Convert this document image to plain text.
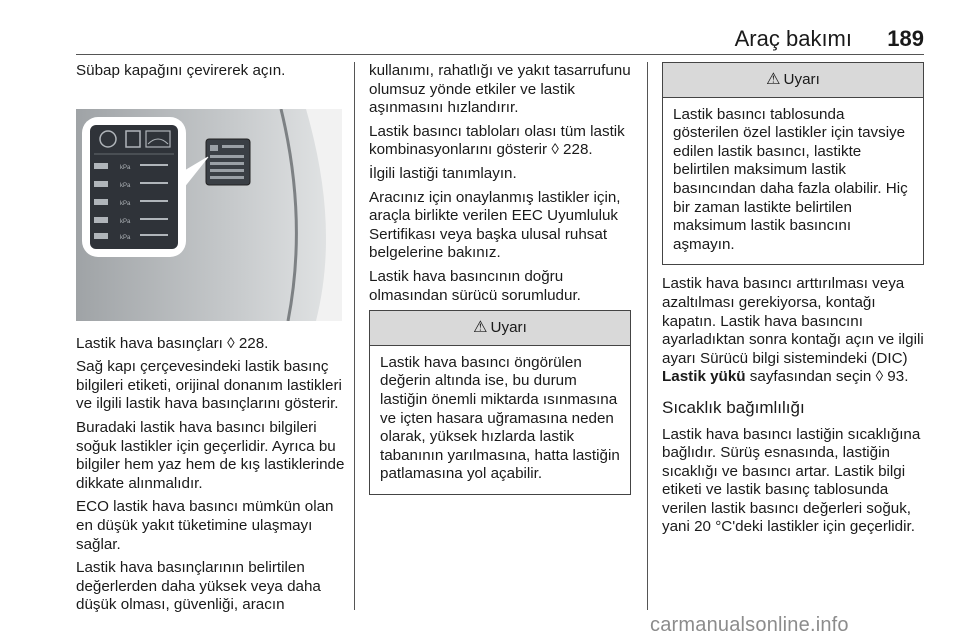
Araç bakımı 189

Sübap kapağını çevirerek açın.

kPa
kPa
kPa
kPa
kPa

Lastik hava basınçları ◊ 228.

Sağ kapı çerçevesindeki lastik basınç bilgileri etiketi, orijinal donanım lastikleri ve ilgili lastik hava basınçlarını gösterir.

Buradaki lastik hava basıncı bilgileri soğuk lastikler için geçerlidir. Ayrıca bu bilgiler hem yaz hem de kış lastiklerinde dikkate alınmalıdır.

ECO lastik hava basıncı mümkün olan en düşük yakıt tüketimine ulaşmayı sağlar.

Lastik hava basınçlarının belirtilen değerlerden daha yüksek veya daha düşük olması, güvenliği, aracın

kullanımı, rahatlığı ve yakıt tasarrufunu olumsuz yönde etkiler ve lastik aşınmasını hızlandırır.

Lastik basıncı tabloları olası tüm lastik kombinasyonlarını gösterir ◊ 228.

İlgili lastiği tanımlayın.

Aracınız için onaylanmış lastikler için, araçla birlikte verilen EEC Uyumluluk Sertifikası veya başka ulusal ruhsat belgelerine bakınız.

Lastik hava basıncının doğru olmasından sürücü sorumludur.

⚠ Uyarı
Lastik hava basıncı öngörülen değerin altında ise, bu durum lastiğin önemli miktarda ısınmasına ve içten hasara uğramasına neden olarak, yüksek hızlarda lastik tabanının yarılmasına, hatta lastiğin patlamasına yol açabilir.
⚠ Uyarı
Lastik basıncı tablosunda gösterilen özel lastikler için tavsiye edilen lastik basıncı, lastikte belirtilen maksimum lastik basıncından daha fazla olabilir. Hiç bir zaman lastikte belirtilen maksimum lastik basıncını aşmayın.

Lastik hava basıncı arttırılması veya azaltılması gerekiyorsa, kontağı kapatın. Lastik hava basıncını ayarladıktan sonra kontağı açın ve ilgili ayarı Sürücü bilgi sistemindeki (DIC) Lastik yükü sayfasından seçin ◊ 93.

Sıcaklık bağımlılığı

Lastik hava basıncı lastiğin sıcaklığına bağlıdır. Sürüş esnasında, lastiğin sıcaklığı ve basıncı artar. Lastik bilgi etiketi ve lastik basınç tablosunda verilen lastik basıncı değerleri soğuk, yani 20 °C'deki lastikler için geçerlidir.

carmanualsonline.info
